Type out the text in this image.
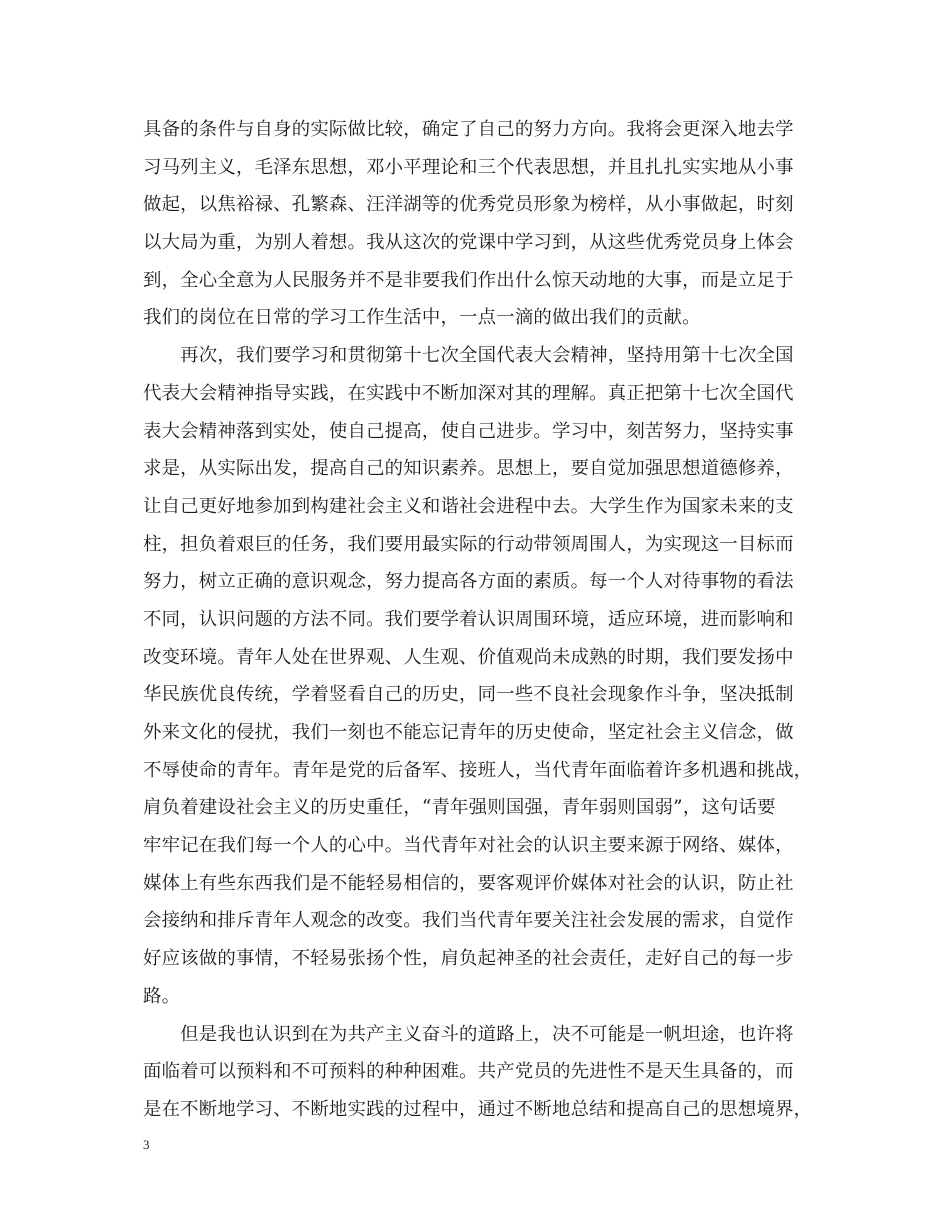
具备的条件与自身的实际做比较，确定了自己的努力方向。我将会更深入地去学
习马列主义，毛泽东思想，邓小平理论和三个代表思想，并且扎扎实实地从小事
做起，以焦裕禄、孔繁森、汪洋湖等的优秀党员形象为榜样，从小事做起，时刻
以大局为重，为别人着想。我从这次的党课中学习到，从这些优秀党员身上体会
到，全心全意为人民服务并不是非要我们作出什么惊天动地的大事，而是立足于
我们的岗位在日常的学习工作生活中，一点一滴的做出我们的贡献。
　　再次，我们要学习和贯彻第十七次全国代表大会精神，坚持用第十七次全国
代表大会精神指导实践，在实践中不断加深对其的理解。真正把第十七次全国代
表大会精神落到实处，使自己提高，使自己进步。学习中，刻苦努力，坚持实事
求是，从实际出发，提高自己的知识素养。思想上，要自觉加强思想道德修养，
让自己更好地参加到构建社会主义和谐社会进程中去。大学生作为国家未来的支
柱，担负着艰巨的任务，我们要用最实际的行动带领周围人，为实现这一目标而
努力，树立正确的意识观念，努力提高各方面的素质。每一个人对待事物的看法
不同，认识问题的方法不同。我们要学着认识周围环境，适应环境，进而影响和
改变环境。青年人处在世界观、人生观、价值观尚未成熟的时期，我们要发扬中
华民族优良传统，学着竖看自己的历史，同一些不良社会现象作斗争，坚决抵制
外来文化的侵扰，我们一刻也不能忘记青年的历史使命，坚定社会主义信念，做
不辱使命的青年。青年是党的后备军、接班人，当代青年面临着许多机遇和挑战，
肩负着建设社会主义的历史重任，“青年强则国强，青年弱则国弱”，这句话要
牢牢记在我们每一个人的心中。当代青年对社会的认识主要来源于网络、媒体，
媒体上有些东西我们是不能轻易相信的，要客观评价媒体对社会的认识，防止社
会接纳和排斥青年人观念的改变。我们当代青年要关注社会发展的需求，自觉作
好应该做的事情，不轻易张扬个性，肩负起神圣的社会责任，走好自己的每一步
路。
　　但是我也认识到在为共产主义奋斗的道路上，决不可能是一帆坦途，也许将
面临着可以预料和不可预料的种种困难。共产党员的先进性不是天生具备的，而
是在不断地学习、不断地实践的过程中，通过不断地总结和提高自己的思想境界，
3
